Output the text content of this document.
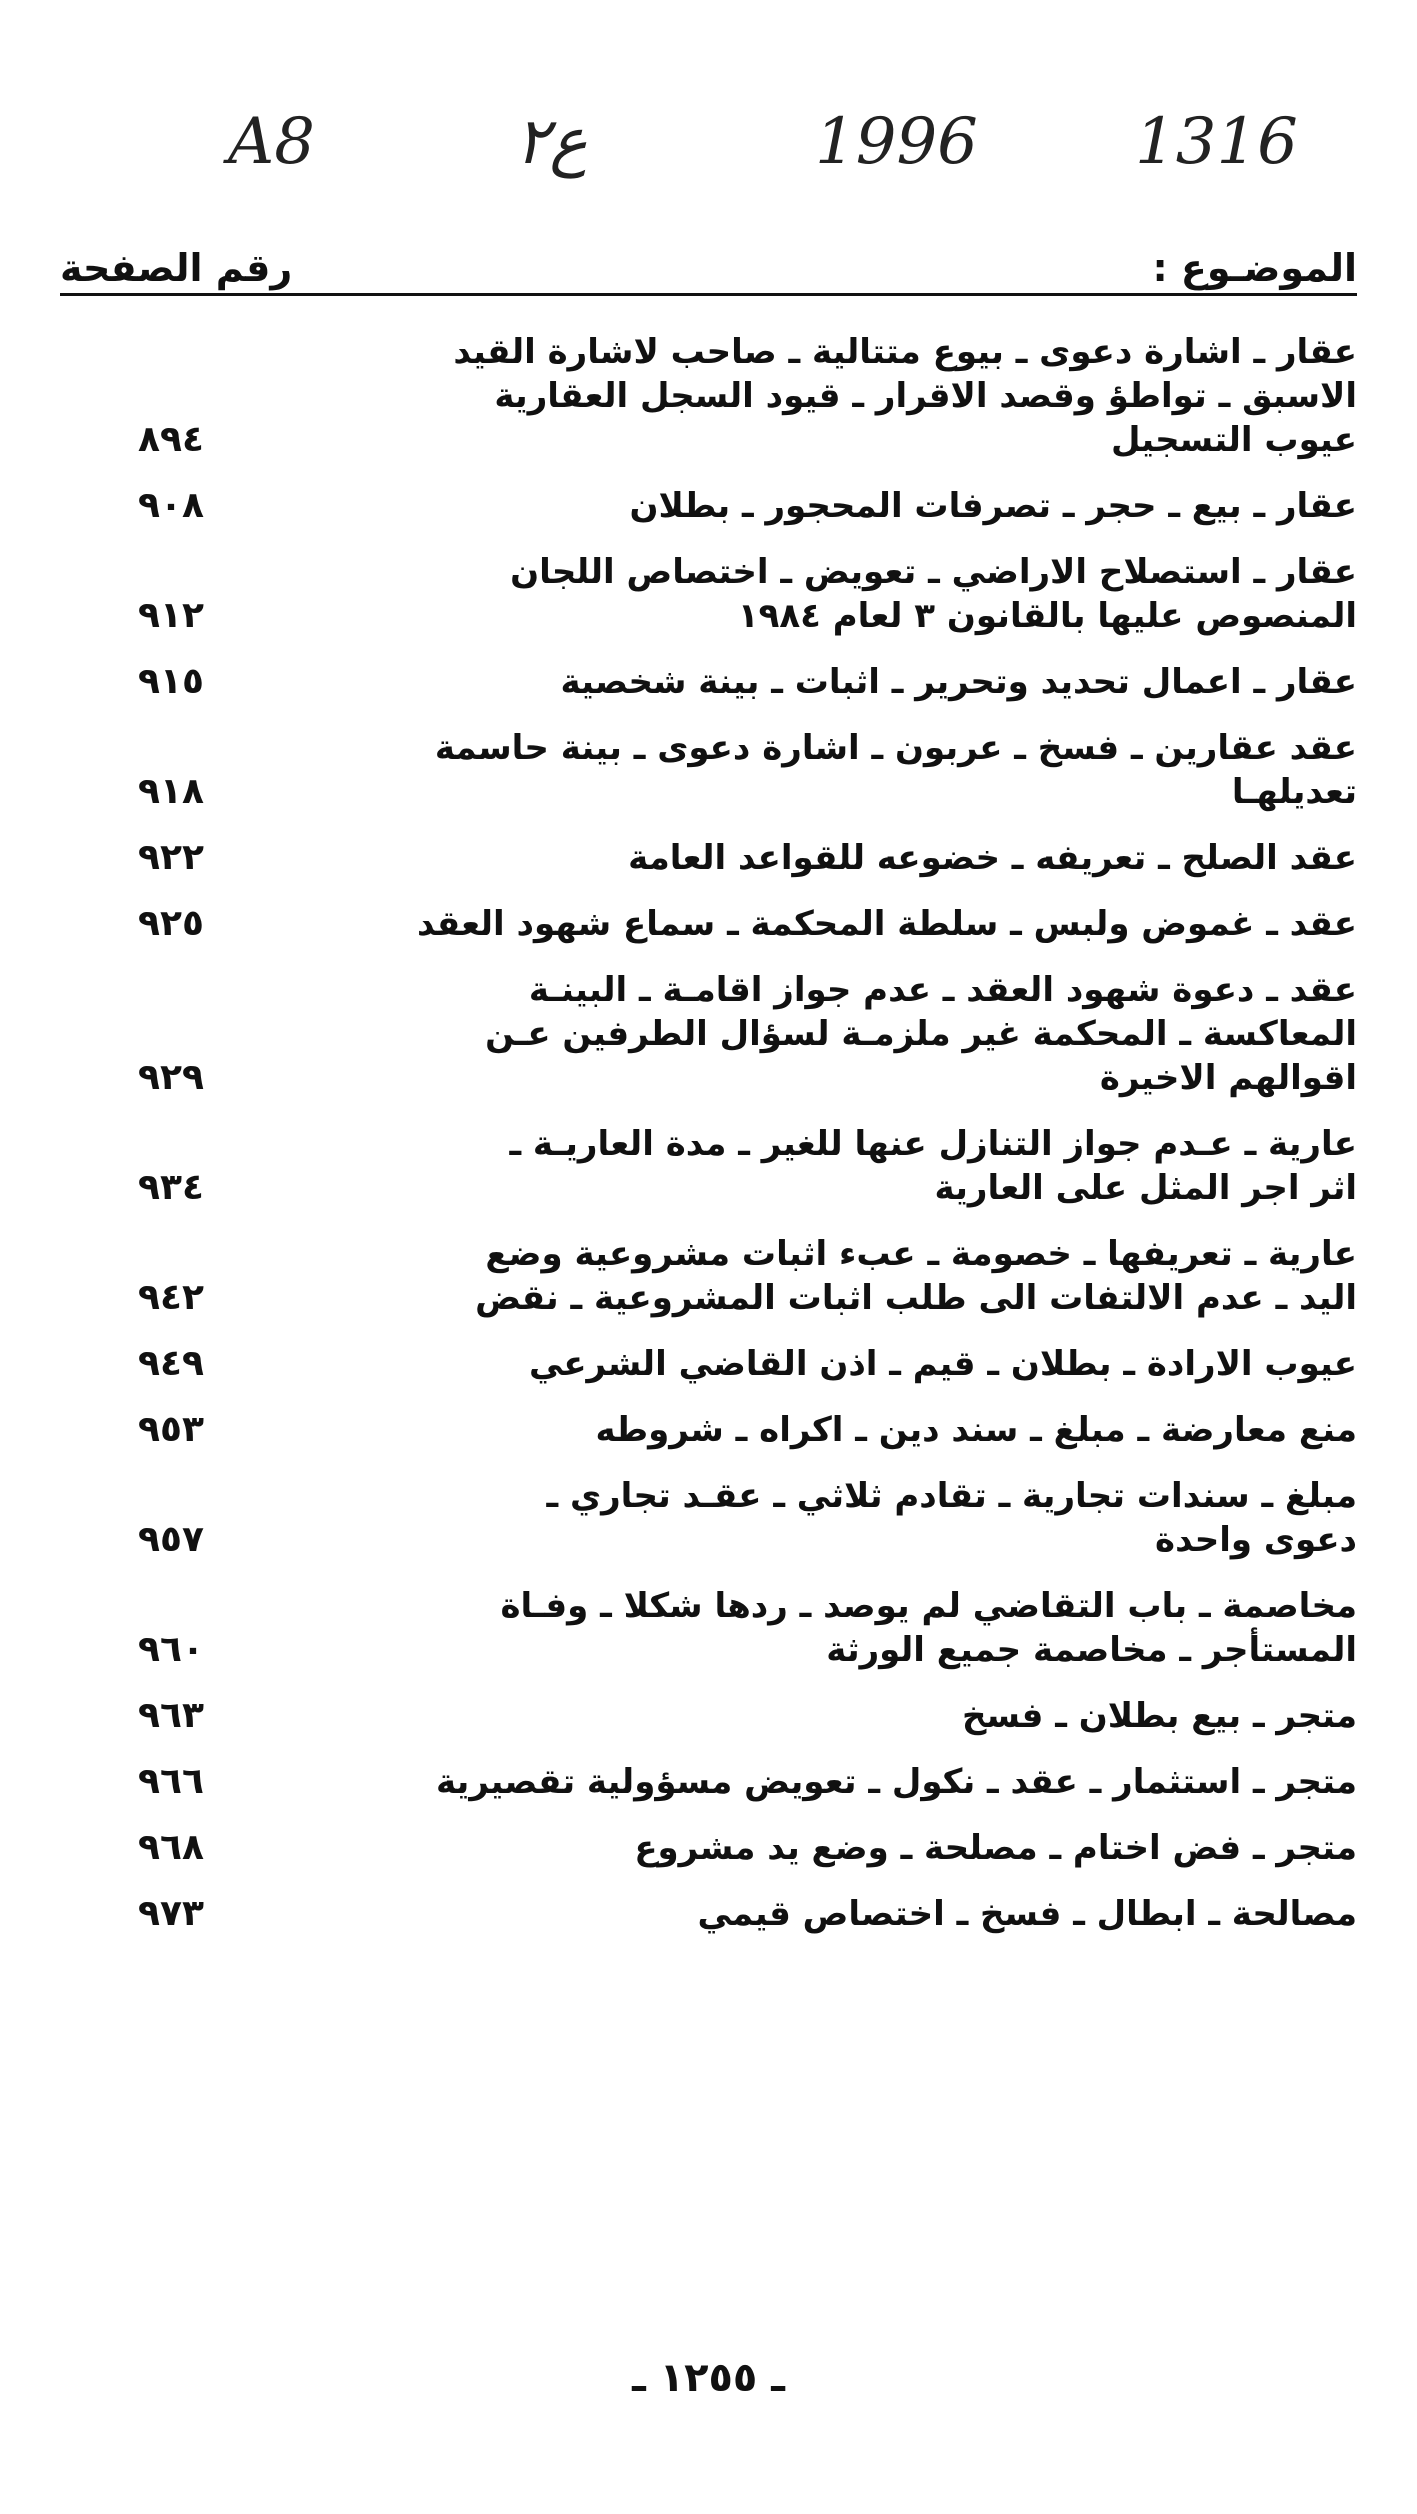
1316
1996
ع٢
A8
الموضـوع :
رقم الصفحة
عقار ـ اشارة دعوى ـ بيوع متتالية ـ صاحب لاشارة القيد
الاسبق ـ تواطؤ وقصد الاقرار ـ قيود السجل العقارية
عيوب التسجيل
٨٩٤
عقار ـ بيع ـ حجر ـ تصرفات المحجور ـ بطلان
٩٠٨
عقار ـ استصلاح الاراضي ـ تعويض ـ اختصاص اللجان
المنصوص عليها بالقانون ٣ لعام ١٩٨٤
٩١٢
عقار ـ اعمال تحديد وتحرير ـ اثبات ـ بينة شخصية
٩١٥
عقد عقارين ـ فسخ ـ عربون ـ اشارة دعوى ـ بينة حاسمة
تعديلهـا
٩١٨
عقد الصلح ـ تعريفه ـ خضوعه للقواعد العامة
٩٢٢
عقد ـ غموض ولبس ـ سلطة المحكمة ـ سماع شهود العقد
٩٢٥
عقد ـ دعوة شهود العقد ـ عدم جواز اقامـة ـ البينـة
المعاكسة ـ المحكمة غير ملزمـة لسؤال الطرفين عـن
اقوالهم الاخيرة
٩٢٩
عارية ـ عـدم جواز التنازل عنها للغير ـ مدة العاريـة ـ
اثر اجر المثل على العارية
٩٣٤
عارية ـ تعريفها ـ خصومة ـ عبء اثبات مشروعية وضع
اليد ـ عدم الالتفات الى طلب اثبات المشروعية ـ نقض
٩٤٢
عيوب الارادة ـ بطلان ـ قيم ـ اذن القاضي الشرعي
٩٤٩
منع معارضة ـ مبلغ ـ سند دين ـ اكراه ـ شروطه
٩٥٣
مبلغ ـ سندات تجارية ـ تقادم ثلاثي ـ عقـد تجاري ـ
دعوى واحدة
٩٥٧
مخاصمة ـ باب التقاضي لم يوصد ـ ردها شكلا ـ وفـاة
المستأجر ـ مخاصمة جميع الورثة
٩٦٠
متجر ـ بيع بطلان ـ فسخ
٩٦٣
متجر ـ استثمار ـ عقد ـ نكول ـ تعويض مسؤولية تقصيرية
٩٦٦
متجر ـ فض اختام ـ مصلحة ـ وضع يد مشروع
٩٦٨
مصالحة ـ ابطال ـ فسخ ـ اختصاص قيمي
٩٧٣
ـ ١٢٥٥ ـ
